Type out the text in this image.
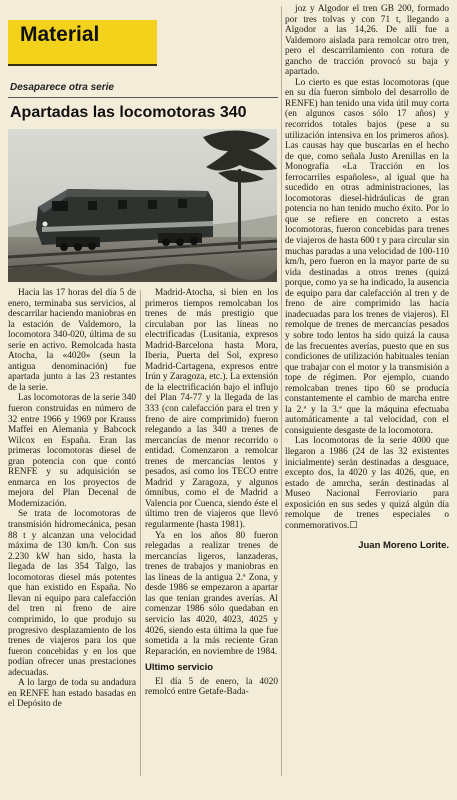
Material
Desaparece otra serie
Apartadas las locomotoras 340

Hacia las 17 horas del día 5 de enero, terminaba sus servicios, al descarrilar haciendo maniobras en la estación de Valdemoro, la locomotora 340-020, última de su serie en activo. Remolcada hasta Atocha, la «4020» (seun la antigua denominación) fue apartada junto a las 23 restantes de la serie.

Las locomotoras de la serie 340 fueron construidas en número de 32 entre 1966 y 1969 por Krauss Maffei en Alemania y Babcock Wilcox en España. Eran las primeras locomotoras diesel de gran potencia con que contó RENFE y su adquisición se enmarca en los proyectos de mejora del Plan Decenal de Modernización.

Se trata de locomotoras de transmisión hidromecánica, pesan 88 t y alcanzan una velocidad máxima de 130 km/h. Con sus 2.230 kW han sido, hasta la llegada de las 354 Talgo, las locomotoras diesel más potentes que han existido en España. No llevan ni equipo para calefacción del tren ni freno de aire comprimido, lo que produjo su progresivo desplazamiento de los trenes de viajeros para los que fueron concebidas y en los que podían ofrecer unas prestaciones adecuadas.

A lo largo de toda su andadura en RENFE han estado basadas en el Depósito de

Madrid-Atocha, si bien en los primeros tiempos remolcaban los trenes de más prestigio que circulaban por las líneas no electrificadas (Lusitania, expresos Madrid-Barcelona hasta Mora, Iberia, Puerta del Sol, expreso Madrid-Cartagena, expresos entre Irún y Zaragoza, etc.). La extensión de la electrificación bajo el influjo del Plan 74-77 y la llegada de las 333 (con calefacción para el tren y freno de aire comprimido) fueron relegando a las 340 a trenes de mercancías de menor recorrido o entidad. Comenzaron a remolcar trenes de mercancías lentos y pesados, así como los TECO entre Madrid y Zaragoza, y algunos ómnibus, como el de Madrid a Valencia por Cuenca, siendo éste el último tren de viajeros que llevó regularmente (hasta 1981).

Ya en los años 80 fueron relegadas a realizar trenes de mercancías ligeros, lanzaderas, trenes de trabajos y maniobras en las líneas de la antigua 2.ª Zona, y desde 1986 se empezaron a apartar las que tenían grandes averías. Al comenzar 1986 sólo quedaban en servicio las 4020, 4023, 4025 y 4026, siendo esta última la que fue sometida a la más reciente Gran Reparación, en noviembre de 1984.

Ultimo servicio

El día 5 de enero, la 4020 remolcó entre Getafe-Bada-

joz y Algodor el tren GB 200, formado por tres tolvas y con 71 t, llegando a Algodor a las 14,26. De allí fue a Valdemoro aislada para remolcar otro tren, pero el descarrilamiento con rotura de gancho de tracción provocó su baja y apartado.

Lo cierto es que estas locomotoras (que en su día fueron símbolo del desarrollo de RENFE) han tenido una vida útil muy corta (en algunos casos sólo 17 años) y recorridos totales bajos (pese a su utilización intensiva en los primeros años). Las causas hay que buscarlas en el hecho de que, como señala Justo Arenillas en la Monografía «La Tracción en los ferrocarriles españoles», al igual que ha sucedido en otras administraciones, las locomotoras diesel-hidráulicas de gran potencia no han tenido mucho éxito. Por lo que se refiere en concreto a estas locomotoras, fueron concebidas para trenes de viajeros de hasta 600 t y para circular sin muchas paradas a una velocidad de 100-110 km/h, pero fueron en la mayor parte de su vida destinadas a otros trenes (quizá porque, como ya se ha indicado, la ausencia de equipo para dar calefacción al tren y de freno de aire comprimido las hacía inadecuadas para los trenes de viajeros). El remolque de trenes de mercancías pesados y sobre todo lentos ha sido quizá la causa de las frecuentes averías, puesto que en sus condiciones de utilización habituales tenían que trabajar con el motor y la transmisión a tope de régimen. Por ejemplo, cuando remolcaban trenes tipo 60 se producía constantemente el cambio de marcha entre la 2.ª y la 3.ª que la máquina efectuaba automáticamente a tal velocidad, con el consiguiente desgaste de la locomotora.

Las locomotoras de la serie 4000 que llegaron a 1986 (24 de las 32 existentes inicialmente) serán destinadas a desguace, excepto dos, la 4020 y las 4026, que, en estado de amrcha, serán destinadas al Museo Nacional Ferroviario para exposición en sus sedes y quizá algún día remolque de trenes especiales o conmemorativos.☐

Juan Moreno Lorite.
